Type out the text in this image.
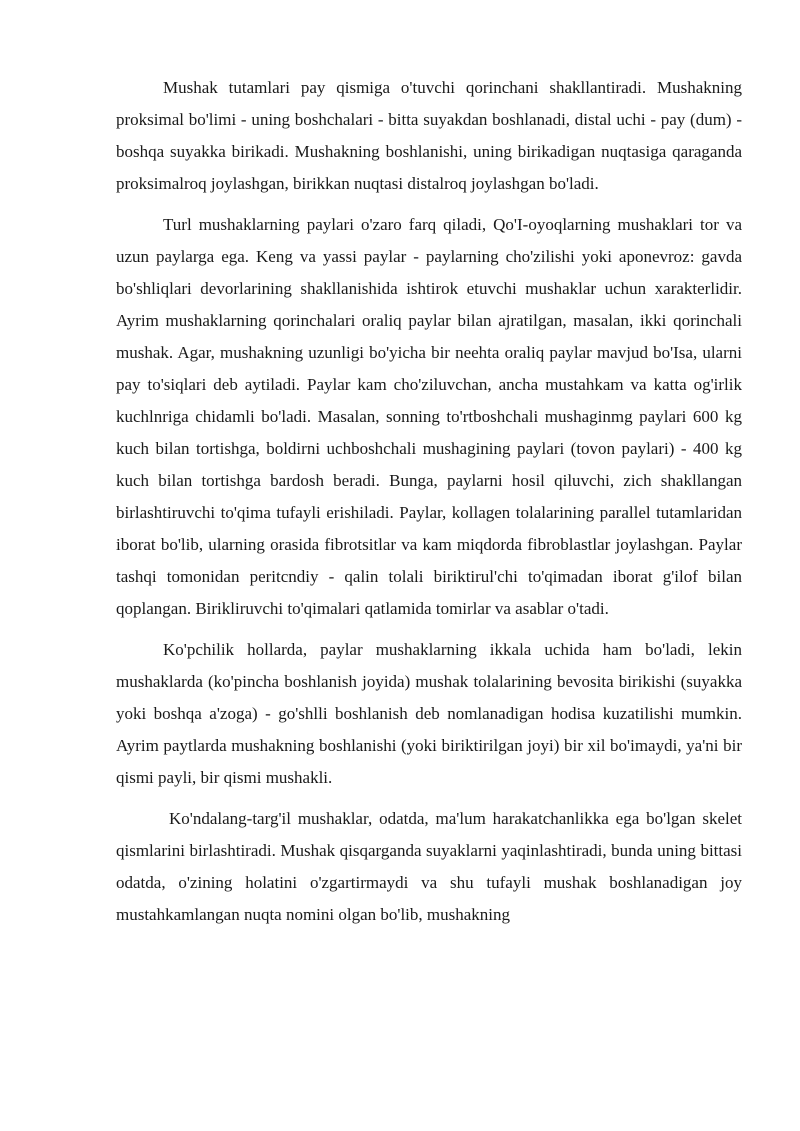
Mushak tutamlari pay qismiga o'tuvchi qorinchani shakllantiradi. Mushakning proksimal bo'limi - uning boshchalari - bitta suyakdan boshlanadi, distal uchi - pay (dum) - boshqa suyakka birikadi. Mushakning boshlanishi, uning birikadigan nuqtasiga qaraganda proksimalroq joylashgan, birikkan nuqtasi distalroq joylashgan bo'ladi.

Turl mushaklarning paylari o'zaro farq qiladi, Qo'I-oyoqlarning mushaklari tor va uzun paylarga ega. Keng va yassi paylar - paylarning cho'zilishi yoki aponevroz: gavda bo'shliqlari devorlarining shakllanishida ishtirok etuvchi mushaklar uchun xarakterlidir. Ayrim mushaklarning qorinchalari oraliq paylar bilan ajratilgan, masalan, ikki qorinchali mushak. Agar, mushakning uzunligi bo'yicha bir neehta oraliq paylar mavjud bo'Isa, ularni pay to'siqlari deb aytiladi. Paylar kam cho'ziluvchan, ancha mustahkam va katta og'irlik kuchlnriga chidamli bo'ladi. Masalan, sonning to'rtboshchali mushaginmg paylari 600 kg kuch bilan tortishga, boldirni uchboshchali mushagining paylari (tovon paylari) - 400 kg kuch bilan tortishga bardosh beradi. Bunga, paylarni hosil qiluvchi, zich shakllangan birlashtiruvchi to'qima tufayli erishiladi. Paylar, kollagen tolalarining parallel tutamlaridan iborat bo'lib, ularning orasida fibrotsitlar va kam miqdorda fibroblastlar joylashgan. Paylar tashqi tomonidan peritcndiy - qalin tolali biriktirul'chi to'qimadan iborat g'ilof bilan qoplangan. Birikliruvchi to'qimalari qatlamida tomirlar va asablar o'tadi.

Ko'pchilik hollarda, paylar mushaklarning ikkala uchida ham bo'ladi, lekin mushaklarda (ko'pincha boshlanish joyida) mushak tolalarining bevosita birikishi (suyakka yoki boshqa a'zoga) - go'shlli boshlanish deb nomlanadigan hodisa kuzatilishi mumkin. Ayrim paytlarda mushakning boshlanishi (yoki biriktirilgan joyi) bir xil bo'imaydi, ya'ni bir qismi payli, bir qismi mushakli.

Ko'ndalang-targ'il mushaklar, odatda, ma'lum harakatchanlikka ega bo'lgan skelet qismlarini birlashtiradi. Mushak qisqarganda suyaklarni yaqinlashtiradi, bunda uning bittasi odatda, o'zining holatini o'zgartirmaydi va shu tufayli mushak boshlanadigan joy mustahkamlangan nuqta nomini olgan bo'lib, mushakning
